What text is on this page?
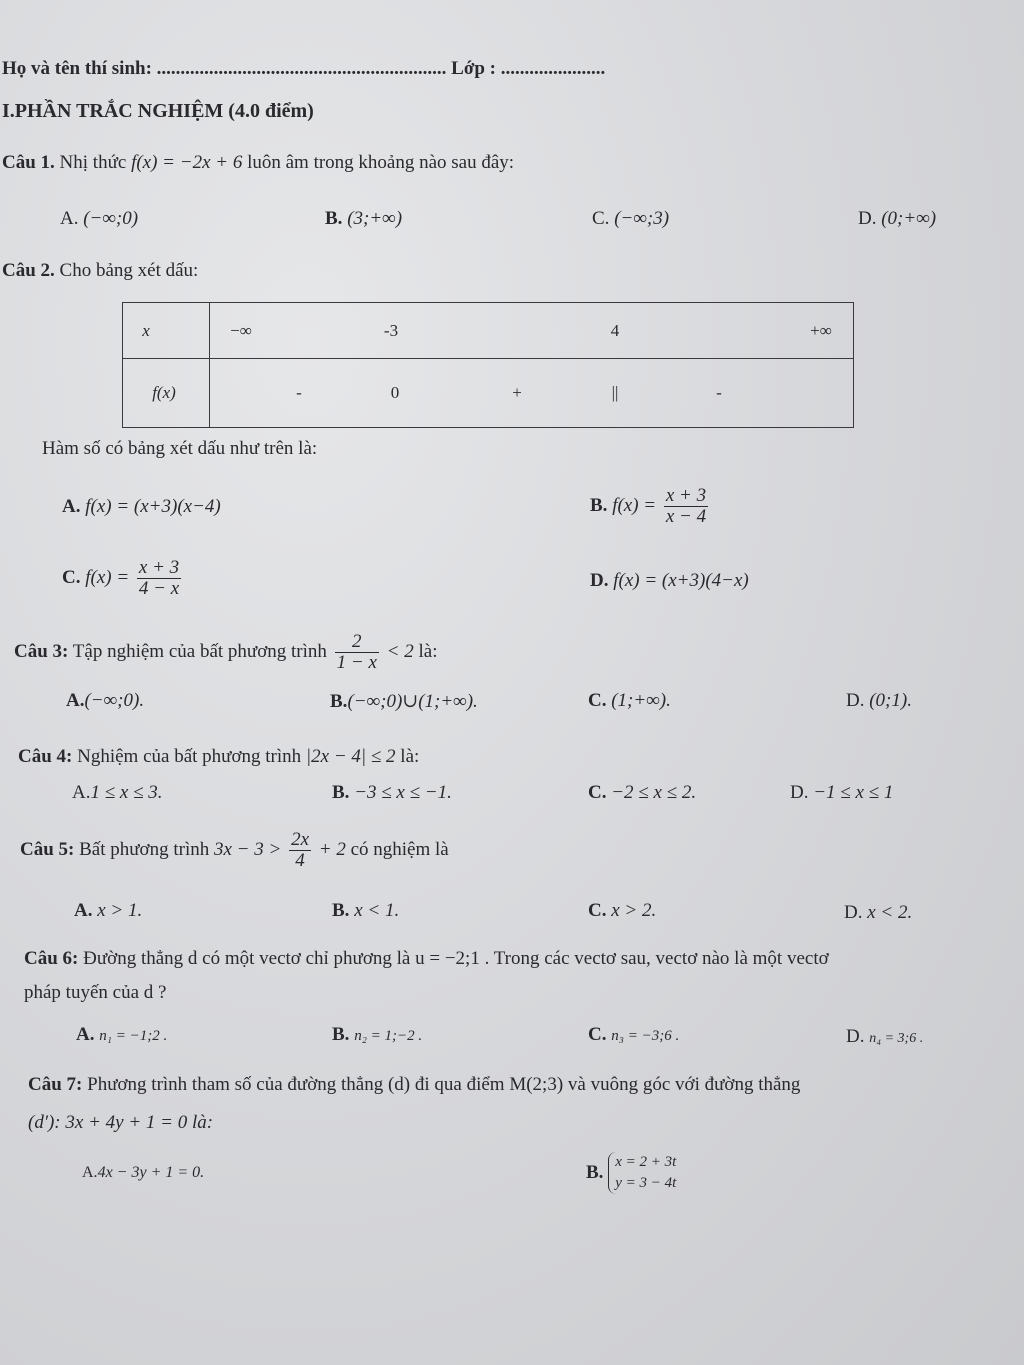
Họ và tên thí sinh: ............................................................. Lớp : ......................
I.PHẦN TRẮC NGHIỆM (4.0 điểm)
Câu 1. Nhị thức f(x) = −2x + 6 luôn âm trong khoảng nào sau đây:
A. (−∞;0)	B. (3;+∞)	C. (−∞;3)	D. (0;+∞)
Câu 2. Cho bảng xét dấu:
x	−∞ -3 4 +∞

f(x)	- 0 + || -
Hàm số có bảng xét dấu như trên là:
A. f(x) = (x+3)(x−4)	B. $f(x) = \frac{x + 3}{x - 4}$
C. $f(x) = \frac{x + 3}{4 - x}$	D. f(x) = (x+3)(4−x)
Câu 3: Tập nghiệm của bất phương trình $\frac{2}{1 - x} < 2$ là:
A.(−∞;0).	B.(−∞;0)∪(1;+∞).	C. (1;+∞).	D. (0;1).
Câu 4: Nghiệm của bất phương trình |2x − 4| ≤ 2 là:
A.1 ≤ x ≤ 3.	B. −3 ≤ x ≤ −1.	C. −2 ≤ x ≤ 2.	D. −1 ≤ x ≤ 1
Câu 5: Bất phương trình $3x - 3 > \frac{2x}{4} + 2$ có nghiệm là
A. x > 1.	B. x < 1.	C. x > 2.	D. x < 2.
Câu 6: Đường thẳng d có một vectơ chỉ phương là u = −2;1 . Trong các vectơ sau, vectơ nào là một vectơ
pháp tuyến của d ?
A. n₁ = −1;2 .	B. n₂ = 1;−2 .	C. n₃ = −3;6 .	D. n₄ = 3;6 .
Câu 7: Phương trình tham số của đường thẳng (d) đi qua điểm M(2;3) và vuông góc với đường thẳng
(d′): 3x + 4y + 1 = 0 là:
A.4x − 3y + 1 = 0.	B. x = 2 + 3t
y = 3 − 4t
